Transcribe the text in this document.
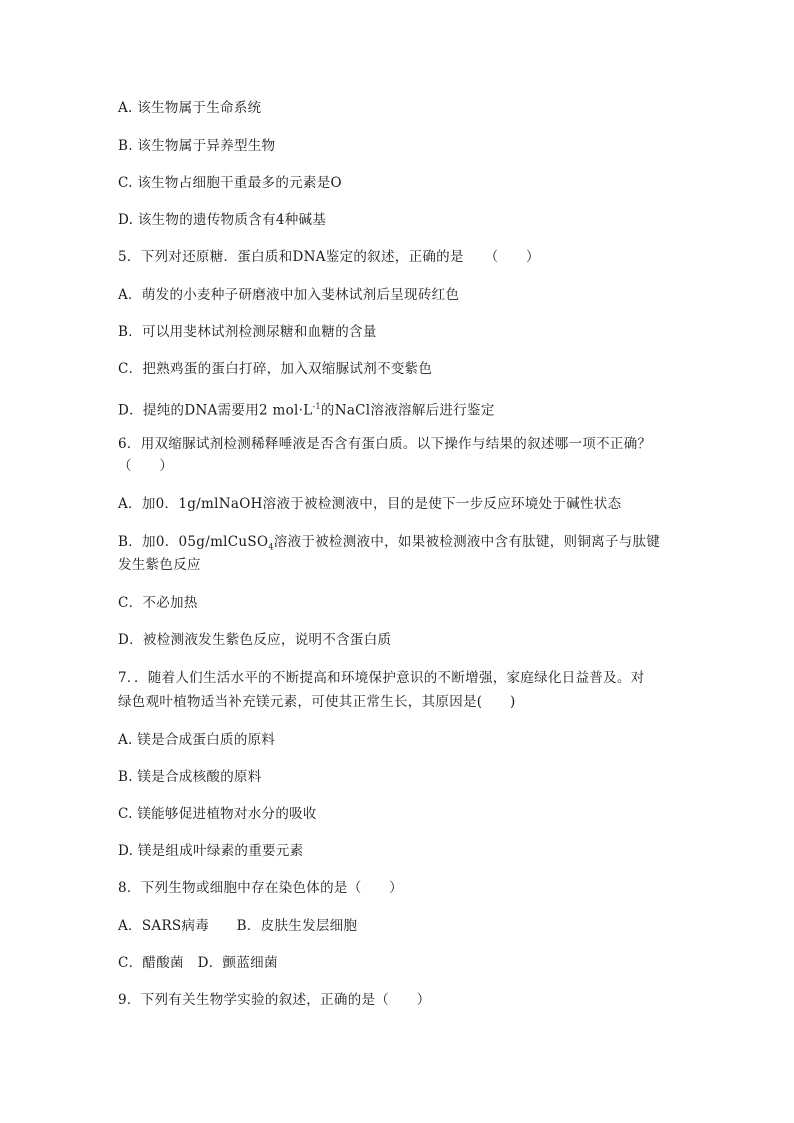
A. 该生物属于生命系统
B. 该生物属于异养型生物
C. 该生物占细胞干重最多的元素是O
D. 该生物的遗传物质含有4种碱基
5．下列对还原糖．蛋白质和DNA鉴定的叙述，正确的是　　（　　）
A．萌发的小麦种子研磨液中加入斐林试剂后呈现砖红色
B．可以用斐林试剂检测尿糖和血糖的含量
C．把熟鸡蛋的蛋白打碎，加入双缩脲试剂不变紫色
D．提纯的DNA需要用2 $mol\cdot L^{-1}$的NaCl溶液溶解后进行鉴定
6．用双缩脲试剂检测稀释唾液是否含有蛋白质。以下操作与结果的叙述哪一项不正确？
（　　）
A．加0．1g/mlNaOH溶液于被检测液中，目的是使下一步反应环境处于碱性状态
B．加0．05g/mlCuSO$_4$溶液于被检测液中，如果被检测液中含有肽键，则铜离子与肽键
发生紫色反应
C．不必加热
D．被检测液发生紫色反应，说明不含蛋白质
7．．随着人们生活水平的不断提高和环境保护意识的不断增强，家庭绿化日益普及。对
绿色观叶植物适当补充镁元素，可使其正常生长，其原因是(　　)
A. 镁是合成蛋白质的原料
B. 镁是合成核酸的原料
C. 镁能够促进植物对水分的吸收
D. 镁是组成叶绿素的重要元素
8．下列生物或细胞中存在染色体的是（　　）
A．SARS病毒　　B．皮肤生发层细胞
C．醋酸菌　D．颤蓝细菌
9．下列有关生物学实验的叙述，正确的是（　　）
